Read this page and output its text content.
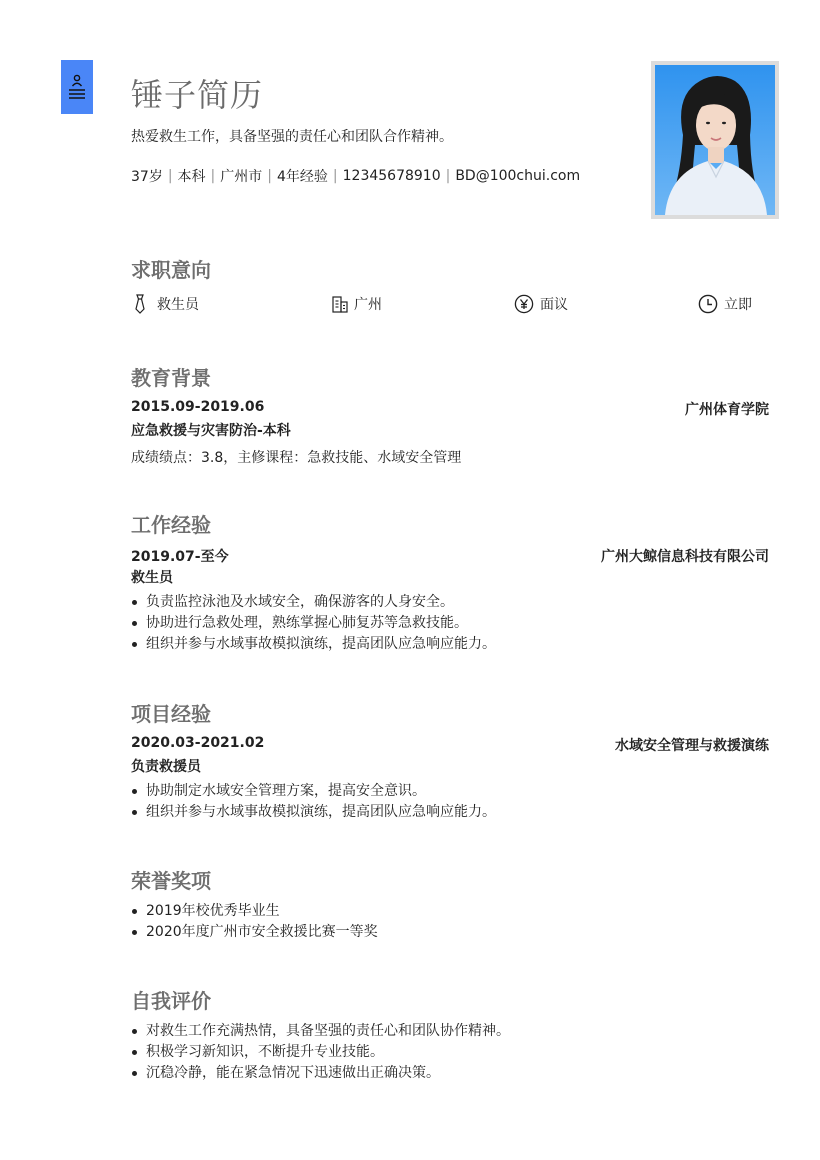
锤子简历
热爱救生工作，具备坚强的责任心和团队合作精神。
37岁 | 本科 | 广州市 | 4年经验 | 12345678910 | BD@100chui.com
求职意向
救生员	广州	面议	立即
教育背景
2015.09-2019.06	广州体育学院
应急救援与灾害防治-本科
成绩绩点：3.8，主修课程：急救技能、水域安全管理
工作经验
2019.07-至今	广州大鲸信息科技有限公司
救生员
负责监控泳池及水域安全，确保游客的人身安全。
协助进行急救处理，熟练掌握心肺复苏等急救技能。
组织并参与水域事故模拟演练，提高团队应急响应能力。
项目经验
2020.03-2021.02	水域安全管理与救援演练
负责救援员
协助制定水域安全管理方案，提高安全意识。
组织并参与水域事故模拟演练，提高团队应急响应能力。
荣誉奖项
2019年校优秀毕业生
2020年度广州市安全救援比赛一等奖
自我评价
对救生工作充满热情，具备坚强的责任心和团队协作精神。
积极学习新知识，不断提升专业技能。
沉稳冷静，能在紧急情况下迅速做出正确决策。
